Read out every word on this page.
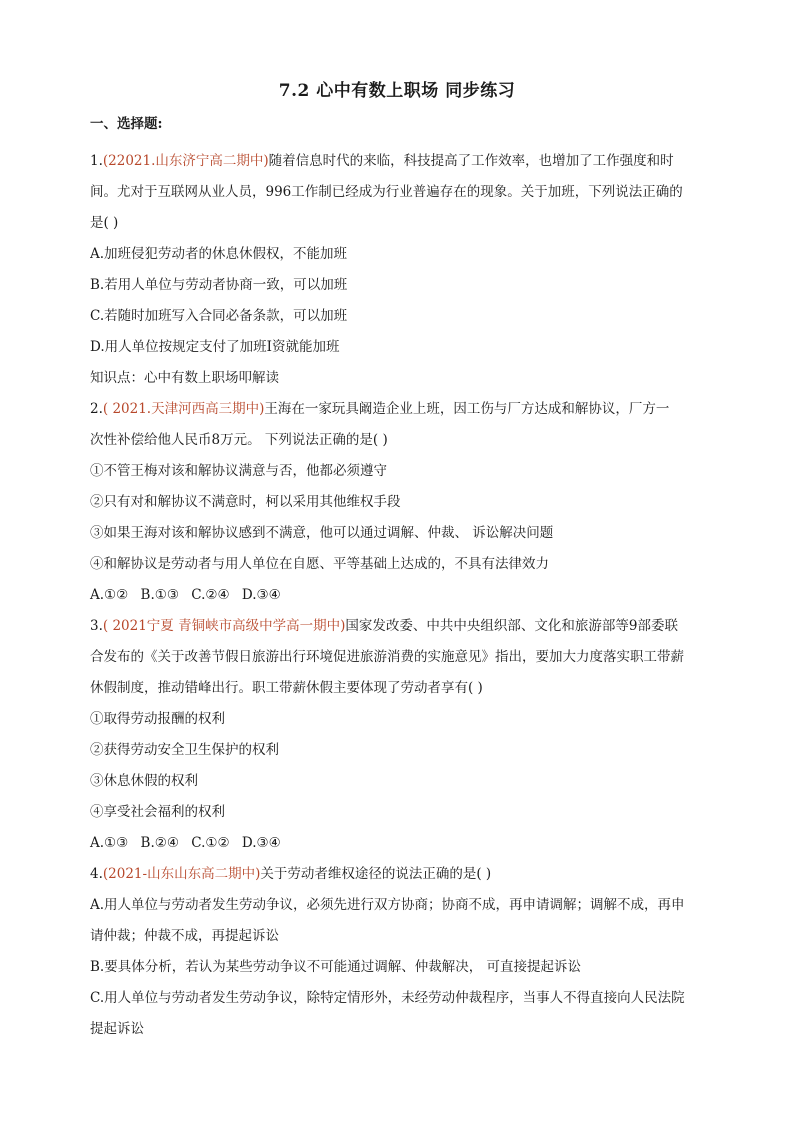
7.2 心中有数上职场 同步练习
一、选择题:
1.(22021.山东济宁高二期中)随着信息时代的来临，科技提高了工作效率，也增加了工作强度和时
间。尤对于互联网从业人员，996工作制已经成为行业普遍存在的现象。关于加班，下列说法正确的
是( )
A.加班侵犯劳动者的休息休假权，不能加班
B.若用人单位与劳动者协商一致，可以加班
C.若随时加班写入合同必备条款，可以加班
D.用人单位按规定支付了加班I资就能加班
知识点：心中有数上职场叩解读
2.( 2021.天津河西高三期中)王海在一家玩具阚造企业上班，因工伤与厂方达成和解协议，厂方一
次性补偿给他人民币8万元。 下列说法正确的是( )
①不管王梅对该和解协议满意与否，他都必须遵守
②只有对和解协议不满意时，柯以采用其他维权手段
③如果王海对该和解协议感到不满意，他可以通过调解、仲裁、 诉讼解决问题
④和解协议是劳动者与用人单位在自愿、平等基础上达成的，不具有法律效力
A.①② B.①③ C.②④ D.③④
3.( 2021宁夏 青铜峡市高级中学高一期中)国家发改委、中共中央组织部、文化和旅游部等9部委联
合发布的《关于改善节假日旅游出行环境促进旅游消费的实施意见》指出，要加大力度落实职工带薪
休假制度，推动错峰出行。职工带薪休假主要体现了劳动者享有( )
①取得劳动报酬的权利
②获得劳动安全卫生保护的权利
③休息休假的权利
④享受社会福利的权利
A.①③ B.②④ C.①② D.③④
4.(2021-山东山东高二期中)关于劳动者维权途径的说法正确的是( )
A.用人单位与劳动者发生劳动争议，必须先进行双方协商；协商不成，再申请调解；调解不成，再申
请仲裁；仲裁不成，再提起诉讼
B.要具体分析，若认为某些劳动争议不可能通过调解、仲裁解决， 可直接提起诉讼
C.用人单位与劳动者发生劳动争议，除特定情形外，未经劳动仲裁程序，当事人不得直接向人民法院
提起诉讼
